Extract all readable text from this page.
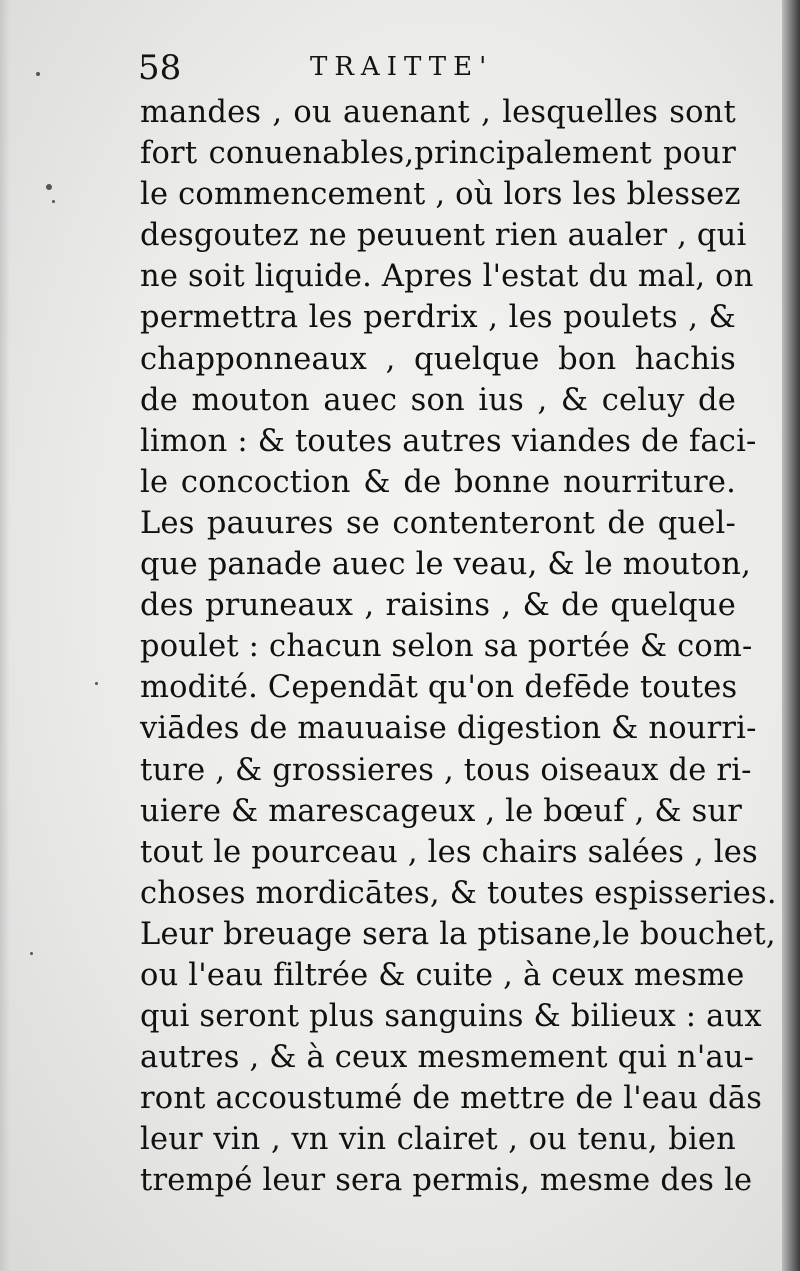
58	TRAITTE'
mandes , ou auenant , lesquelles sont
fort conuenables,principalement pour
le commencement , où lors les blessez
desgoutez ne peuuent rien aualer , qui
ne soit liquide. Apres l'estat du mal, on
permettra les perdrix , les poulets , &
chapponneaux , quelque bon hachis
de mouton auec son ius , & celuy de
limon : & toutes autres viandes de faci-
le concoction & de bonne nourriture.
Les pauures se contenteront de quel-
que panade auec le veau, & le mouton,
des pruneaux , raisins , & de quelque
poulet : chacun selon sa portée & com-
modité. Cependāt qu'on defēde toutes
viādes de mauuaise digestion & nourri-
ture , & grossieres , tous oiseaux de ri-
uiere & marescageux , le bœuf , & sur
tout le pourceau , les chairs salées , les
choses mordicātes, & toutes espisseries.
Leur breuage sera la ptisane,le bouchet,
ou l'eau filtrée & cuite , à ceux mesme
qui seront plus sanguins & bilieux : aux
autres , & à ceux mesmement qui n'au-
ront accoustumé de mettre de l'eau dās
leur vin , vn vin clairet , ou tenu, bien
trempé leur sera permis, mesme des le
